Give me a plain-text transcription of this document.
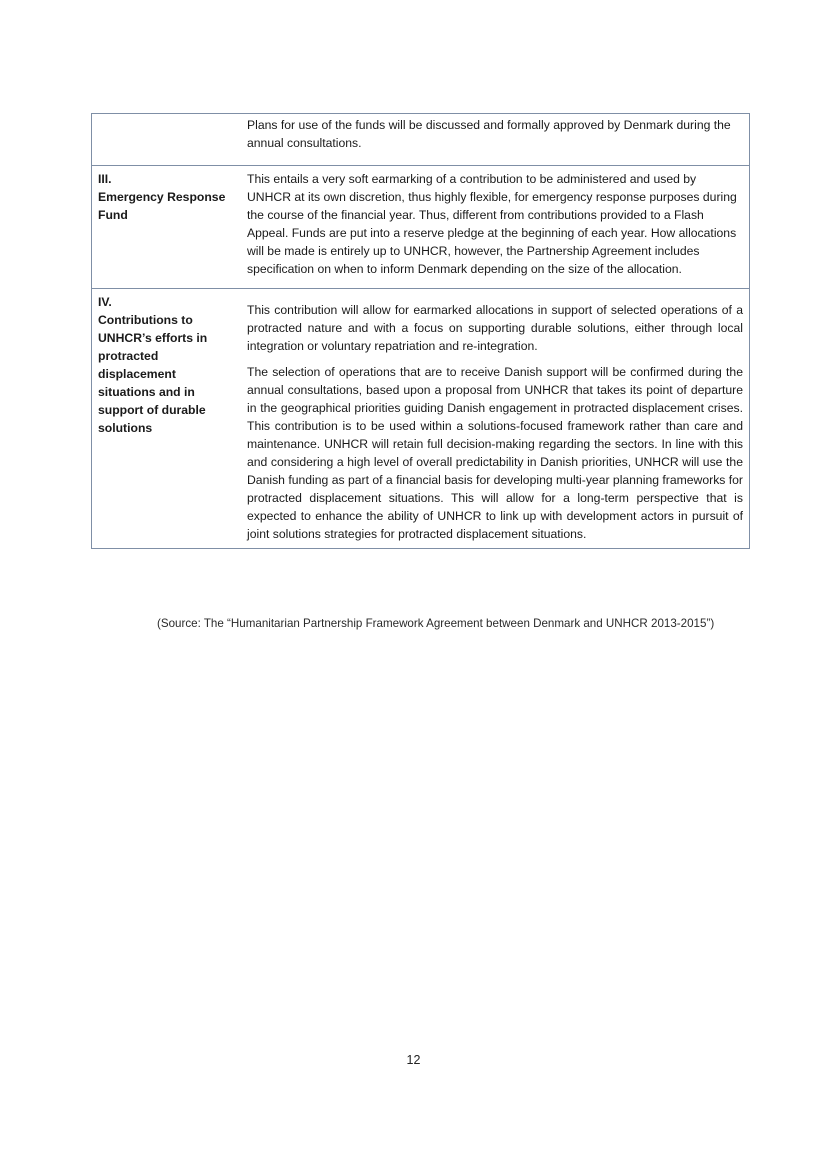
Plans for use of the funds will be discussed and formally approved by Denmark during the annual consultations.

III.
Emergency Response
Fund

This entails a very soft earmarking of a contribution to be administered and used by UNHCR at its own discretion, thus highly flexible, for emergency response purposes during the course of the financial year. Thus, different from contributions provided to a Flash Appeal. Funds are put into a reserve pledge at the beginning of each year. How allocations will be made is entirely up to UNHCR, however, the Partnership Agreement includes specification on when to inform Denmark depending on the size of the allocation.

IV.
Contributions to
UNHCR’s efforts in
protracted
displacement
situations and in
support of durable
solutions

This contribution will allow for earmarked allocations in support of selected operations of a protracted nature and with a focus on supporting durable solutions, either through local integration or voluntary repatriation and re-integration.

The selection of operations that are to receive Danish support will be confirmed during the annual consultations, based upon a proposal from UNHCR that takes its point of departure in the geographical priorities guiding Danish engagement in protracted displacement crises. This contribution is to be used within a solutions-focused framework rather than care and maintenance. UNHCR will retain full decision-making regarding the sectors. In line with this and considering a high level of overall predictability in Danish priorities, UNHCR will use the Danish funding as part of a financial basis for developing multi-year planning frameworks for protracted displacement situations. This will allow for a long-term perspective that is expected to enhance the ability of UNHCR to link up with development actors in pursuit of joint solutions strategies for protracted displacement situations.

(Source: The “Humanitarian Partnership Framework Agreement between Denmark and UNHCR 2013-2015”)
12
